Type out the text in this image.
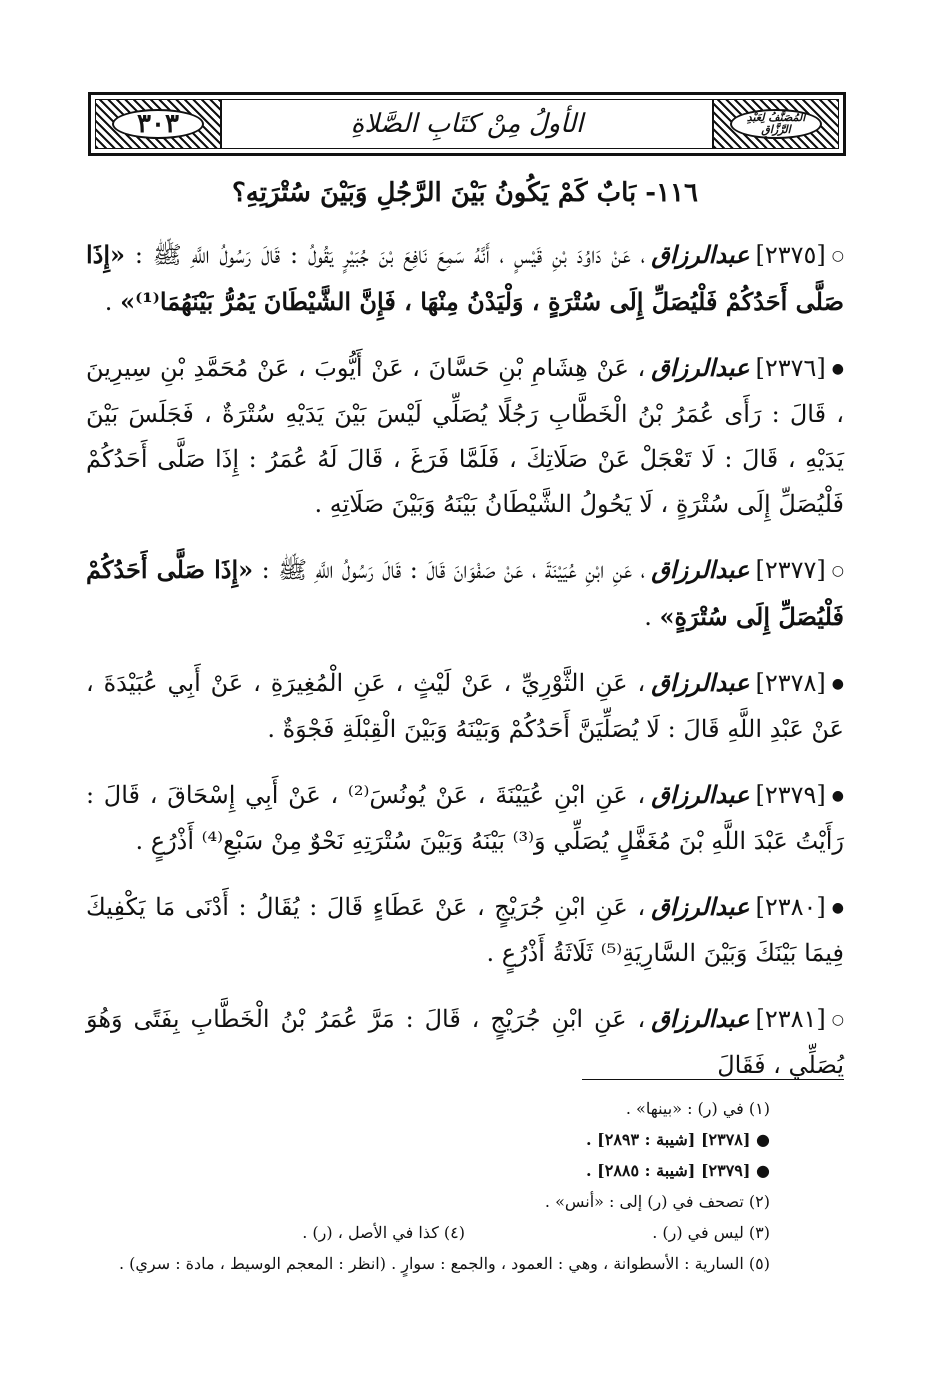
٣٠٣	الأولُ مِنْ كتَابِ الصَّلاةِ	المُصَنَّفُ لِعَبْدِ الرَّزَّاقِ
١١٦- بَابٌ كَمْ يَكُونُ بَيْنَ الرَّجُلِ وَبَيْنَ سُتْرَتِهِ؟

○[٢٣٧٥]عبدالرزاق، عَنْ دَاوُدَ بْنِ قَيْسٍ ، أَنَّهُ سَمِعَ نَافِعَ بْنَ جُبَيْرٍ يَقُولُ : قَالَ رَسُولُ اللَّهِ ﷺ : «إِذَا صَلَّى أَحَدُكُمْ فَلْيُصَلِّ إِلَى سُتْرَةٍ ، وَلْيَدْنُ مِنْهَا ، فَإِنَّ الشَّيْطَانَ يَمُرُّ بَيْنَهُمَا⁽¹⁾» .

●[٢٣٧٦]عبدالرزاق، عَنْ هِشَامِ بْنِ حَسَّانَ ، عَنْ أَيُّوبَ ، عَنْ مُحَمَّدِ بْنِ سِيرِينَ ، قَالَ : رَأَى عُمَرُ بْنُ الْخَطَّابِ رَجُلًا يُصَلِّي لَيْسَ بَيْنَ يَدَيْهِ سُتْرَةٌ ، فَجَلَسَ بَيْنَ يَدَيْهِ ، قَالَ : لَا تَعْجَلْ عَنْ صَلَاتِكَ ، فَلَمَّا فَرَغَ ، قَالَ لَهُ عُمَرُ : إِذَا صَلَّى أَحَدُكُمْ فَلْيُصَلِّ إِلَى سُتْرَةٍ ، لَا يَحُولُ الشَّيْطَانُ بَيْنَهُ وَبَيْنَ صَلَاتِهِ .

○[٢٣٧٧]عبدالرزاق، عَنِ ابْنِ عُيَيْنَةَ ، عَنْ صَفْوَانَ قَالَ : قَالَ رَسُولُ اللَّهِ ﷺ : «إِذَا صَلَّى أَحَدُكُمْ فَلْيُصَلِّ إِلَى سُتْرَةٍ» .

●[٢٣٧٨]عبدالرزاق، عَنِ الثَّوْرِيِّ ، عَنْ لَيْثٍ ، عَنِ الْمُغِيرَةِ ، عَنْ أَبِي عُبَيْدَةَ ، عَنْ عَبْدِ اللَّهِ قَالَ : لَا يُصَلِّيَنَّ أَحَدُكُمْ وَبَيْنَهُ وَبَيْنَ الْقِبْلَةِ فَجْوَةٌ .

●[٢٣٧٩]عبدالرزاق، عَنِ ابْنِ عُيَيْنَةَ ، عَنْ يُونُسَ⁽²⁾ ، عَنْ أَبِي إِسْحَاقَ ، قَالَ : رَأَيْتُ عَبْدَ اللَّهِ بْنَ مُغَفَّلٍ يُصَلِّي وَ⁽³⁾ بَيْنَهُ وَبَيْنَ سُتْرَتِهِ نَحْوٌ مِنْ سَبْعِ⁽⁴⁾ أَذْرُعٍ .

●[٢٣٨٠]عبدالرزاق، عَنِ ابْنِ جُرَيْجٍ ، عَنْ عَطَاءٍ قَالَ : يُقَالُ : أَدْنَى مَا يَكْفِيكَ فِيمَا بَيْنَكَ وَبَيْنَ السَّارِيَةِ⁽⁵⁾ ثَلَاثَةُ أَذْرُعٍ .

○[٢٣٨١]عبدالرزاق، عَنِ ابْنِ جُرَيْجٍ ، قَالَ : مَرَّ عُمَرُ بْنُ الْخَطَّابِ بِفَتًى وَهُوَ يُصَلِّي ، فَقَالَ

(١) في (ر) : «بينها» .
● [٢٣٧٨] [شيبة : ٢٨٩٣] .
● [٢٣٧٩] [شيبة : ٢٨٨٥] .
(٢) تصحف في (ر) إلى : «أنس» .
(٣) ليس في (ر) .
(٤) كذا في الأصل ، (ر) .
(٥) السارية : الأسطوانة ، وهي : العمود ، والجمع : سوارٍ . (انظر : المعجم الوسيط ، مادة : سري) .
